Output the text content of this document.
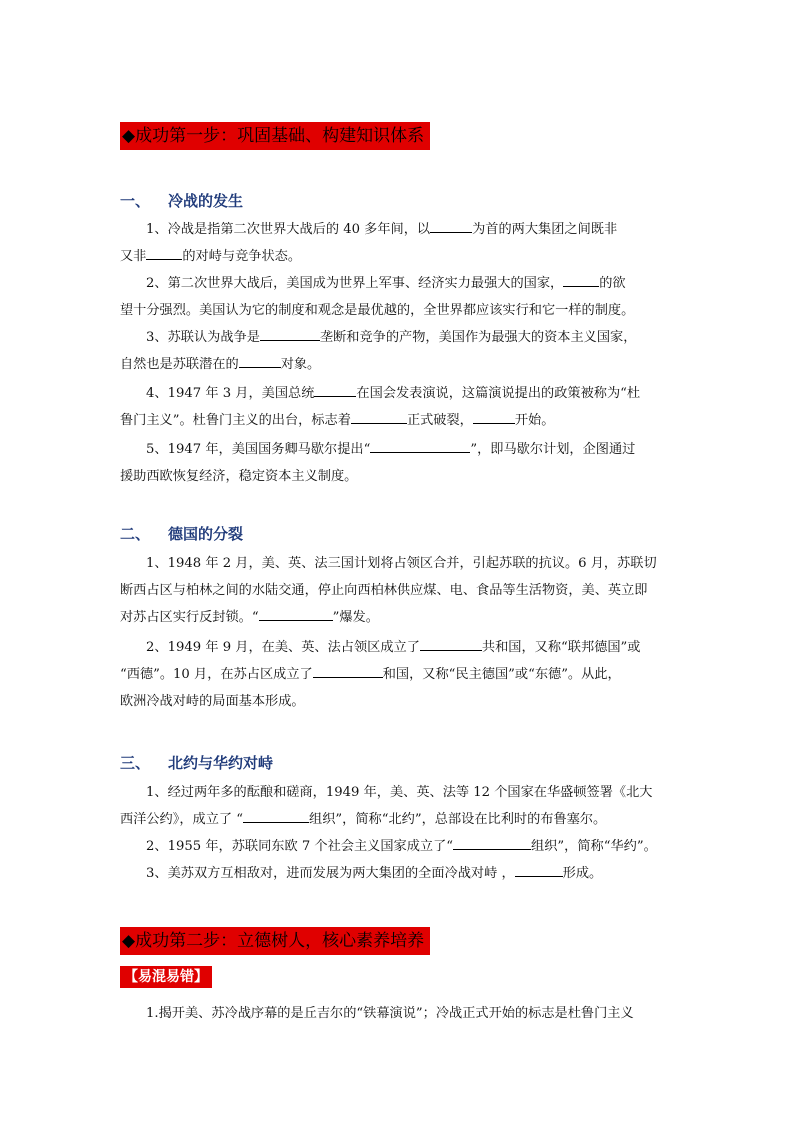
◆成功第一步：巩固基础、构建知识体系
一、 冷战的发生

1、冷战是指第二次世界大战后的 40 多年间，以	为首的两大集团之间既非

又非	的对峙与竞争状态。

2、第二次世界大战后，美国成为世界上军事、经济实力最强大的国家，	的欲

望十分强烈。美国认为它的制度和观念是最优越的，全世界都应该实行和它一样的制度。

3、苏联认为战争是	垄断和竞争的产物，美国作为最强大的资本主义国家，

自然也是苏联潜在的	对象。

4、1947 年 3 月，美国总统	在国会发表演说，这篇演说提出的政策被称为“杜

鲁门主义”。杜鲁门主义的出台，标志着	正式破裂，	开始。

5、1947 年，美国国务卿马歇尔提出“	”，即马歇尔计划，企图通过

援助西欧恢复经济，稳定资本主义制度。

二、 德国的分裂

1、1948 年 2 月，美、英、法三国计划将占领区合并，引起苏联的抗议。6 月，苏联切

断西占区与柏林之间的水陆交通，停止向西柏林供应煤、电、食品等生活物资，美、英立即

对苏占区实行反封锁。“	”爆发。

2、1949 年 9 月，在美、英、法占领区成立了	共和国，又称“联邦德国”或

“西德”。10 月，在苏占区成立了	和国，又称“民主德国”或“东德”。从此，

欧洲冷战对峙的局面基本形成。

三、 北约与华约对峙

1、经过两年多的酝酿和磋商，1949 年，美、英、法等 12 个国家在华盛顿签署《北大

西洋公约》，成立了 “	组织”，简称“北约”，总部设在比利时的布鲁塞尔。

2、1955 年，苏联同东欧 7 个社会主义国家成立了“	组织”，简称“华约”。

3、美苏双方互相敌对，进而发展为两大集团的全面冷战对峙 ，	形成。

◆成功第二步：立德树人，核心素养培养
【易混易错】

1.揭开美、苏冷战序幕的是丘吉尔的“铁幕演说”；冷战正式开始的标志是杜鲁门主义
